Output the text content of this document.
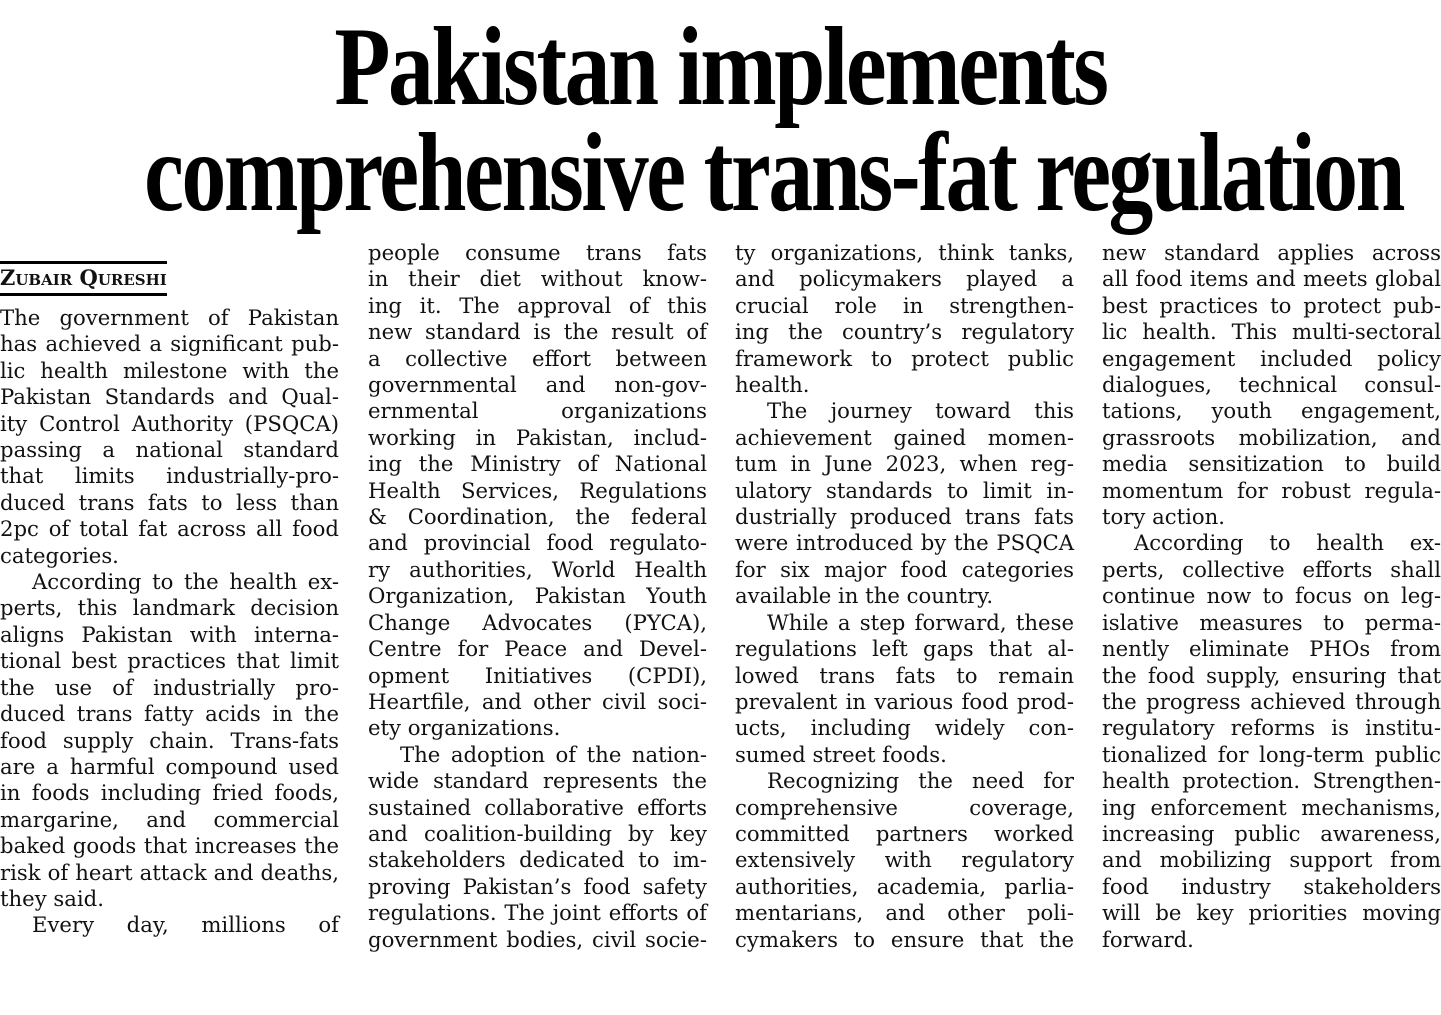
Pakistan implements
comprehensive trans-fat regulation
Zubair Qureshi
The government of Pakistan
has achieved a significant pub-
lic health milestone with the
Pakistan Standards and Qual-
ity Control Authority (PSQCA)
passing a national standard
that limits industrially-pro-
duced trans fats to less than
2pc of total fat across all food
categories.
According to the health ex-
perts, this landmark decision
aligns Pakistan with interna-
tional best practices that limit
the use of industrially pro-
duced trans fatty acids in the
food supply chain. Trans-fats
are a harmful compound used
in foods including fried foods,
margarine, and commercial
baked goods that increases the
risk of heart attack and deaths,
they said.
Every day, millions of
people consume trans fats
in their diet without know-
ing it. The approval of this
new standard is the result of
a collective effort between
governmental and non-gov-
ernmental organizations
working in Pakistan, includ-
ing the Ministry of National
Health Services, Regulations
& Coordination, the federal
and provincial food regulato-
ry authorities, World Health
Organization, Pakistan Youth
Change Advocates (PYCA),
Centre for Peace and Devel-
opment Initiatives (CPDI),
Heartfile, and other civil soci-
ety organizations.
The adoption of the nation-
wide standard represents the
sustained collaborative efforts
and coalition-building by key
stakeholders dedicated to im-
proving Pakistan’s food safety
regulations. The joint efforts of
government bodies, civil socie-
ty organizations, think tanks,
and policymakers played a
crucial role in strengthen-
ing the country’s regulatory
framework to protect public
health.
The journey toward this
achievement gained momen-
tum in June 2023, when reg-
ulatory standards to limit in-
dustrially produced trans fats
were introduced by the PSQCA
for six major food categories
available in the country.
While a step forward, these
regulations left gaps that al-
lowed trans fats to remain
prevalent in various food prod-
ucts, including widely con-
sumed street foods.
Recognizing the need for
comprehensive coverage,
committed partners worked
extensively with regulatory
authorities, academia, parlia-
mentarians, and other poli-
cymakers to ensure that the
new standard applies across
all food items and meets global
best practices to protect pub-
lic health. This multi-sectoral
engagement included policy
dialogues, technical consul-
tations, youth engagement,
grassroots mobilization, and
media sensitization to build
momentum for robust regula-
tory action.
According to health ex-
perts, collective efforts shall
continue now to focus on leg-
islative measures to perma-
nently eliminate PHOs from
the food supply, ensuring that
the progress achieved through
regulatory reforms is institu-
tionalized for long-term public
health protection. Strengthen-
ing enforcement mechanisms,
increasing public awareness,
and mobilizing support from
food industry stakeholders
will be key priorities moving
forward.
